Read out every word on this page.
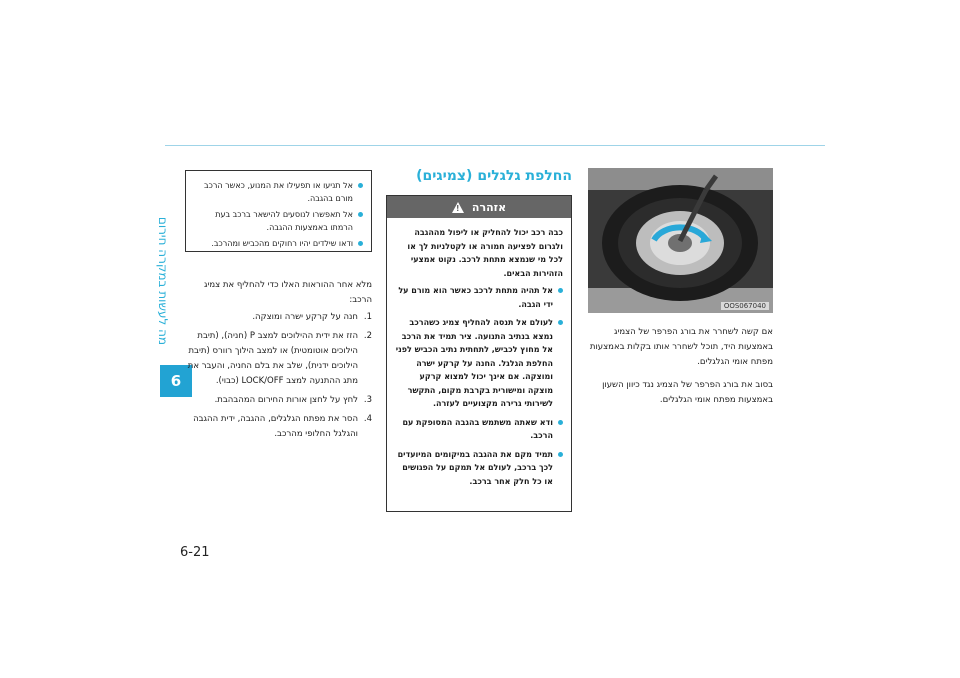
מה לעשות במקרה חירום
6
6-21
אל תניעו או תפעילו את המנוע, כאשר הרכב מורם בהגבה.
אל תאפשרו לנוסעים להישאר ברכב בעת הרמתו באמצעות ההגבה.
ודאו שילדים יהיו רחוקים מהכביש ומהרכב.

מלא אחר ההוראות האלו כדי להחליף את צמיג הרכב:

1.
חנה על קרקע ישרה ומוצקה.
2.
הזז את ידית ההילוכים למצב P (חניה), (תיבת הילוכים אוטומטית) או למצב הילוך רוורס (תיבת הילוכים ידנית), שלב את בלם החניה, והעבר את מתג ההתנעה למצב LOCK/OFF (כבוי).
3.
לחץ על לחצן אורות החירום המהבהבת.
4.
הסר את מפתח הגלגלים, ההגבה, ידית ההגבה והגלגל החלופי מהרכב.
החלפת גלגלים (צמיגים)
אזהרה
!

כבה רכב יכול להחליק או ליפול מההגבה ולגרום לפציעה חמורה או לקטלניות לך או לכל מי שנמצא מתחת לרכב. נקוט אמצעי הזהירות הבאים.

אל תהיה מתחת לרכב כאשר הוא מורם על ידי הגבה.
לעולם אל תנסה להחליף צמיג כשהרכב נמצא בנתיב התנועה. ציר תמיד את הרכב אל מחוץ לכביש, לתחתית נתיב הכביש לפני החלפת הגלגל. החנה על קרקע ישרה ומוצקה. אם אינך יכול למצוא קרקע מוצקה ומישורית בקרבת מקום, התקשר לשירותי גרירה מקצועיים לעזרה.
ודא שאתה משתמש בהגבה המסופקת עם הרכב.
תמיד מקם את ההגבה במיקומים המיועדים לכך ברכב, לעולם אל תמקם על הפגושים או כל חלק אחר ברכב.
OOS067040

אם קשה לשחרר את בורג הפרפר של הצמיג באמצעות היד, תוכל לשחרר אותו בקלות באמצעות מפתח אומי הגלגלים.

בסוב את בורג הפרפר של הצמיג נגד כיוון השעון באמצעות מפתח אומי הגלגלים.
